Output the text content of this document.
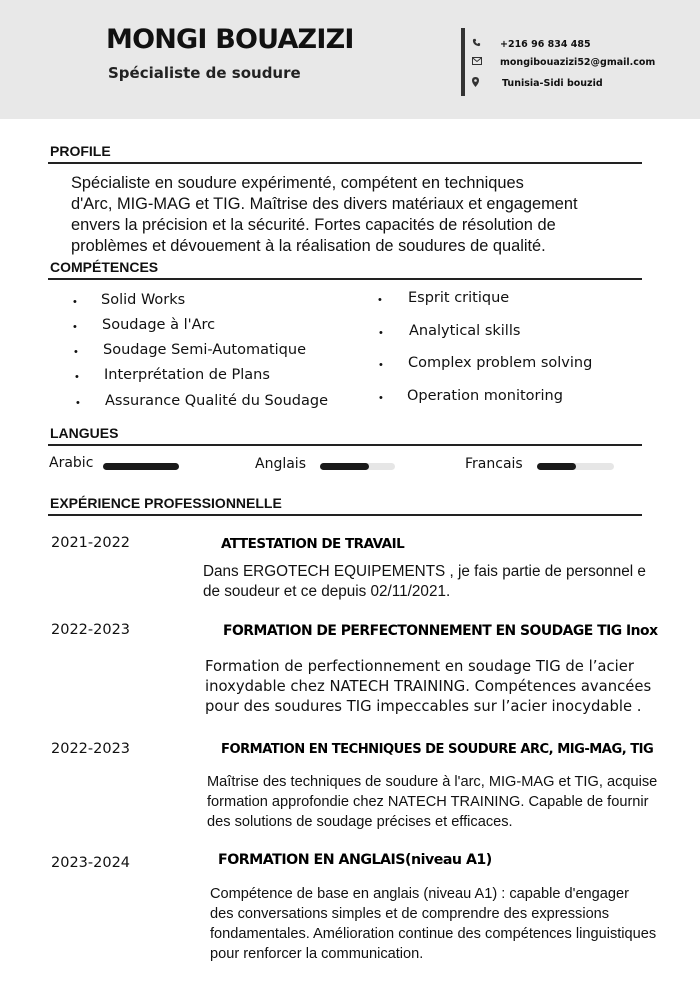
MONGI BOUAZIZI
Spécialiste de soudure
+216 96 834 485
mongibouazizi52@gmail.com
Tunisia-Sidi bouzid
PROFILE
Spécialiste en soudure expérimenté, compétent en techniques
d'Arc, MIG-MAG et TIG. Maîtrise des divers matériaux et engagement
envers la précision et la sécurité. Fortes capacités de résolution de
problèmes et dévouement à la réalisation de soudures de qualité.
COMPÉTENCES
• Solid Works
• Soudage à l'Arc
• Soudage Semi-Automatique
• Interprétation de Plans
• Assurance Qualité du Soudage
• Esprit critique
• Analytical skills
• Complex problem solving
• Operation monitoring
LANGUES
Arabic	Anglais	Francais
EXPÉRIENCE PROFESSIONNELLE
2021-2022	ATTESTATION DE TRAVAIL
Dans ERGOTECH EQUIPEMENTS , je fais partie de personnel e
de soudeur et ce depuis 02/11/2021.
2022-2023	FORMATION DE PERFECTONNEMENT EN SOUDAGE TIG Inox
Formation de perfectionnement en soudage TIG de l’acier
inoxydable chez NATECH TRAINING. Compétences avancées
pour des soudures TIG impeccables sur l’acier inocydable .
2022-2023	FORMATION EN TECHNIQUES DE SOUDURE ARC, MIG-MAG, TIG
Maîtrise des techniques de soudure à l'arc, MIG-MAG et TIG, acquise
formation approfondie chez NATECH TRAINING. Capable de fournir
des solutions de soudage précises et efficaces.
2023-2024	FORMATION EN ANGLAIS(niveau A1)
Compétence de base en anglais (niveau A1) : capable d'engager
des conversations simples et de comprendre des expressions
fondamentales. Amélioration continue des compétences linguistiques
pour renforcer la communication.
